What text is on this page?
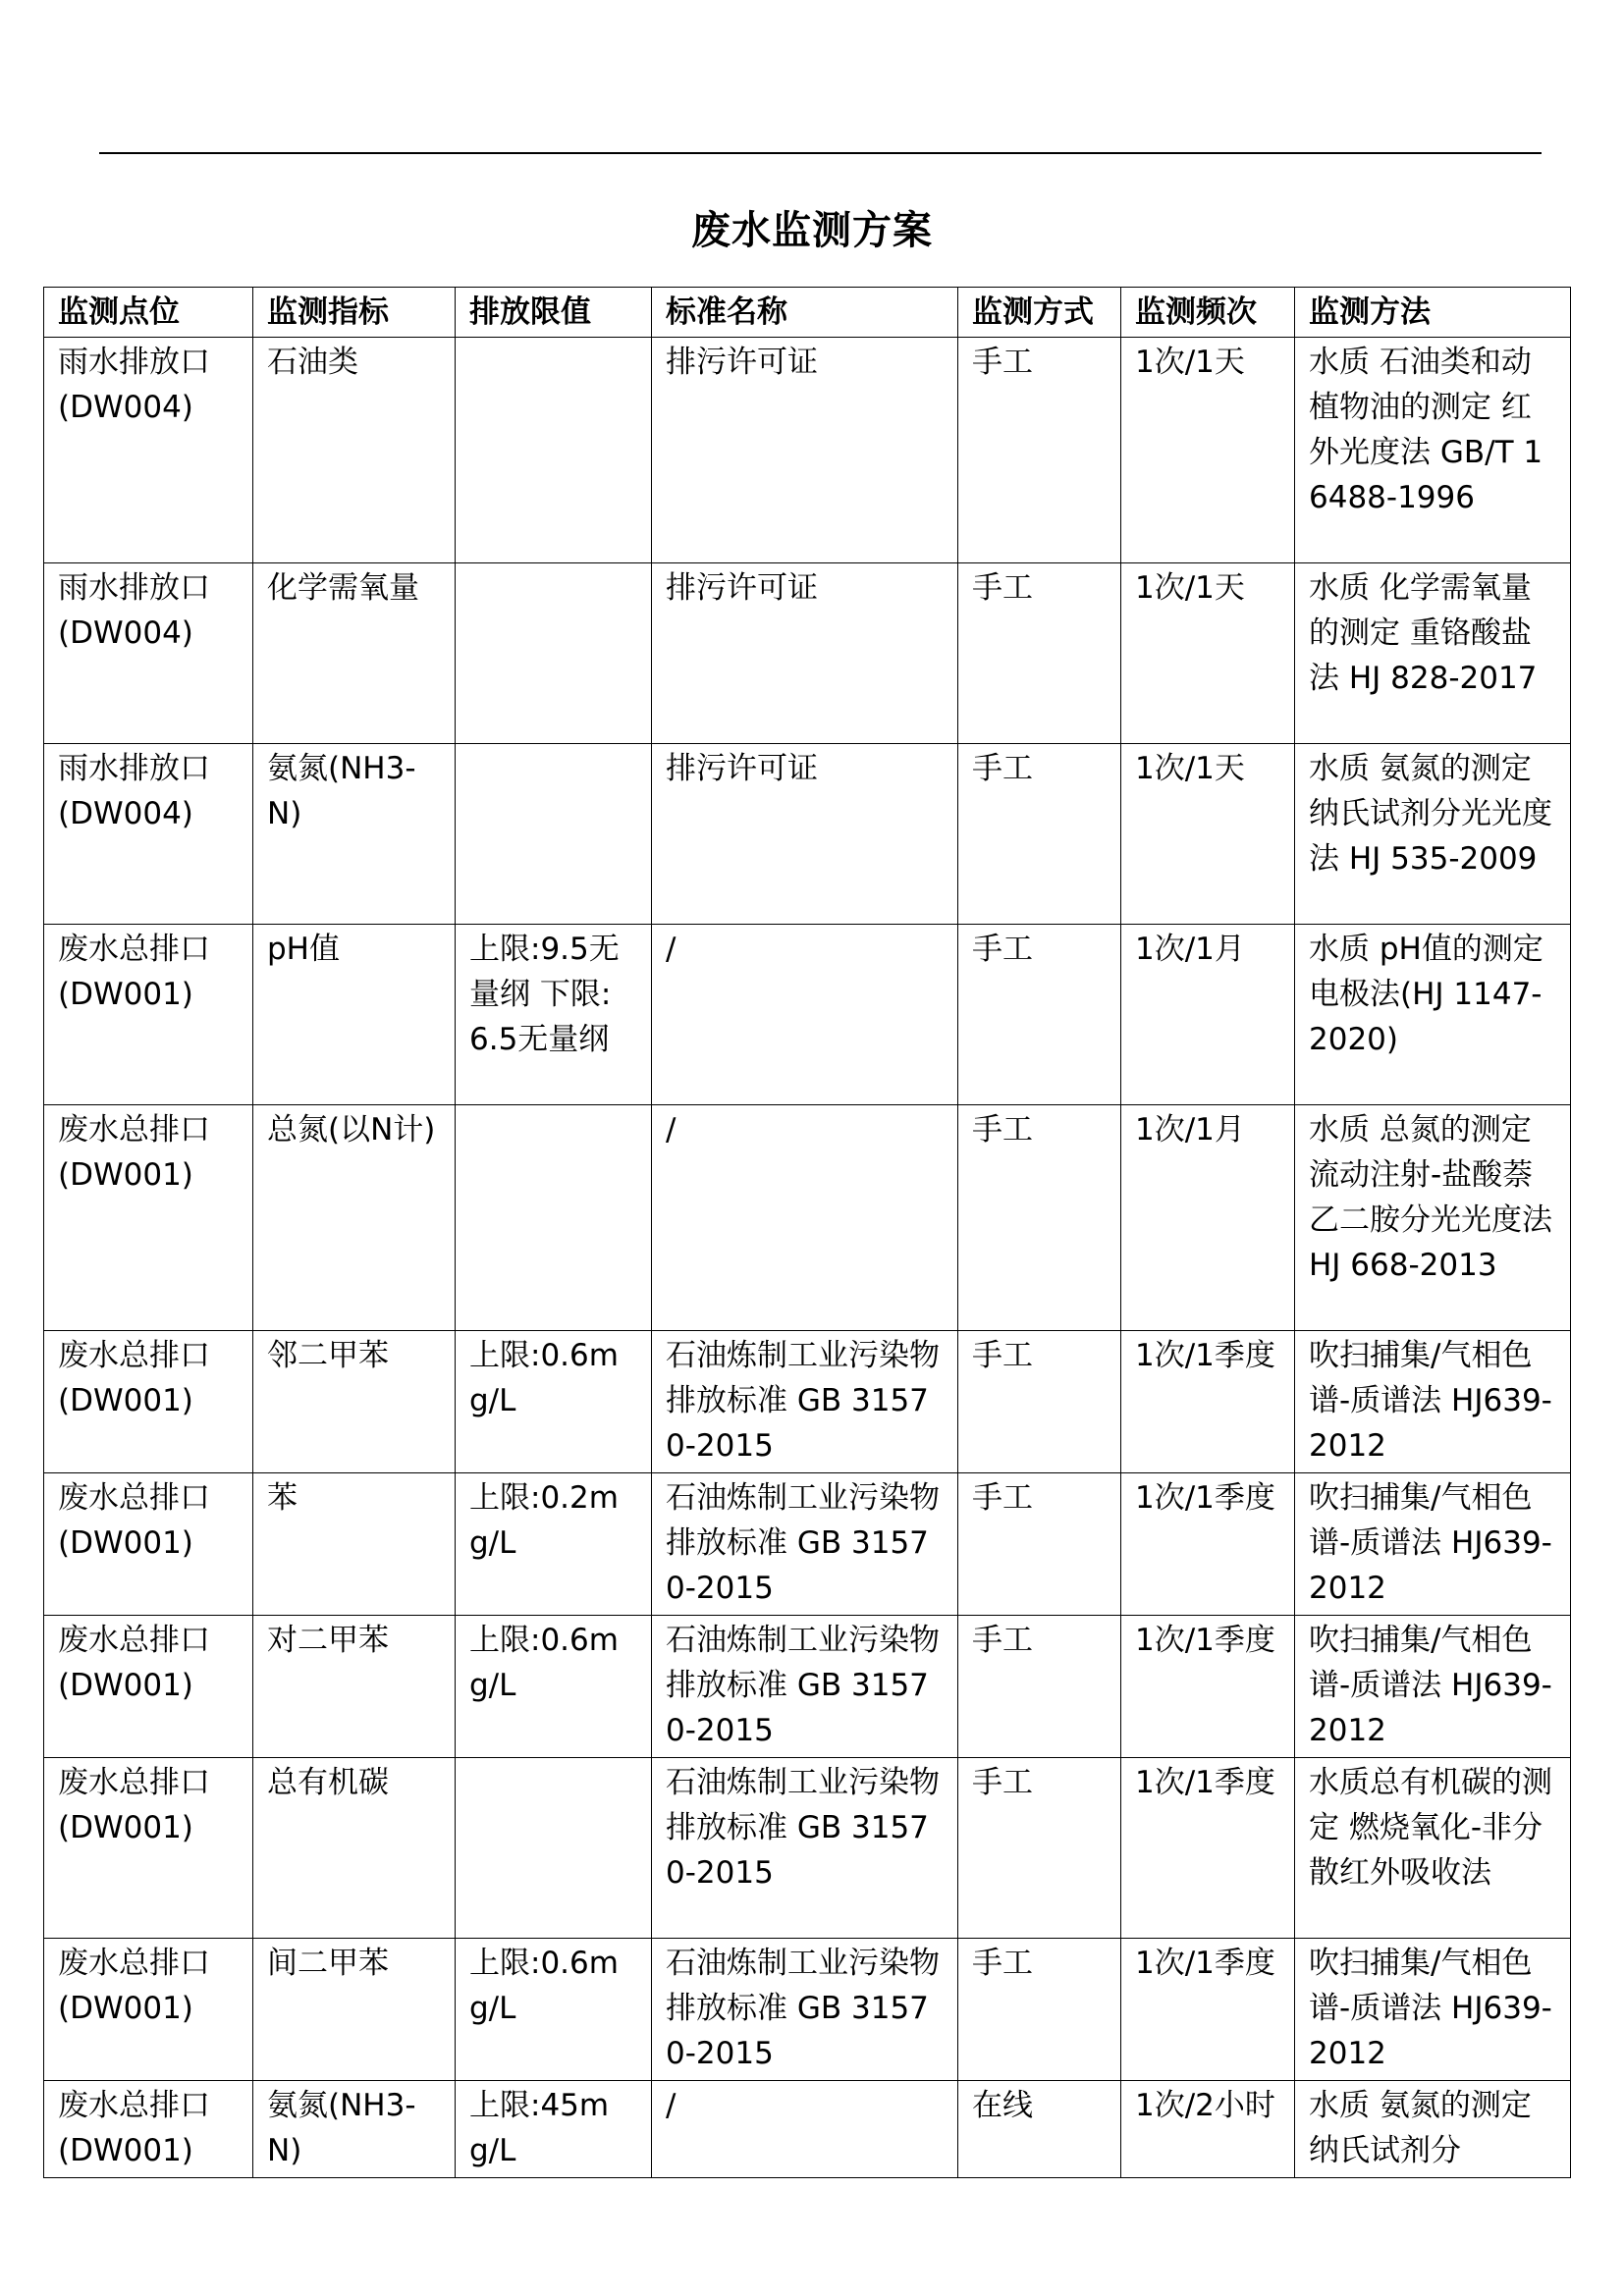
废水监测方案
监测点位	监测指标	排放限值	标准名称	监测方式	监测频次	监测方法
雨水排放口(DW004)	石油类		排污许可证	手工	1次/1天	水质 石油类和动植物油的测定 红外光度法 GB/T 16488-1996
雨水排放口(DW004)	化学需氧量		排污许可证	手工	1次/1天	水质 化学需氧量的测定 重铬酸盐法 HJ 828-2017
雨水排放口(DW004)	氨氮(NH3-N)		排污许可证	手工	1次/1天	水质 氨氮的测定 纳氏试剂分光光度法 HJ 535-2009
废水总排口(DW001)	pH值	上限:9.5无量纲 下限:6.5无量纲	/	手工	1次/1月	水质 pH值的测定 电极法(HJ 1147-2020)
废水总排口(DW001)	总氮(以N计)		/	手工	1次/1月	水质 总氮的测定 流动注射-盐酸萘乙二胺分光光度法 HJ 668-2013
废水总排口(DW001)	邻二甲苯	上限:0.6mg/L	石油炼制工业污染物排放标准 GB 31570-2015	手工	1次/1季度	吹扫捕集/气相色谱-质谱法 HJ639-2012
废水总排口(DW001)	苯	上限:0.2mg/L	石油炼制工业污染物排放标准 GB 31570-2015	手工	1次/1季度	吹扫捕集/气相色谱-质谱法 HJ639-2012
废水总排口(DW001)	对二甲苯	上限:0.6mg/L	石油炼制工业污染物排放标准 GB 31570-2015	手工	1次/1季度	吹扫捕集/气相色谱-质谱法 HJ639-2012
废水总排口(DW001)	总有机碳		石油炼制工业污染物排放标准 GB 31570-2015	手工	1次/1季度	水质总有机碳的测定 燃烧氧化-非分散红外吸收法
废水总排口(DW001)	间二甲苯	上限:0.6mg/L	石油炼制工业污染物排放标准 GB 31570-2015	手工	1次/1季度	吹扫捕集/气相色谱-质谱法 HJ639-2012
废水总排口(DW001)	氨氮(NH3-N)	上限:45mg/L	/	在线	1次/2小时	水质 氨氮的测定 纳氏试剂分
